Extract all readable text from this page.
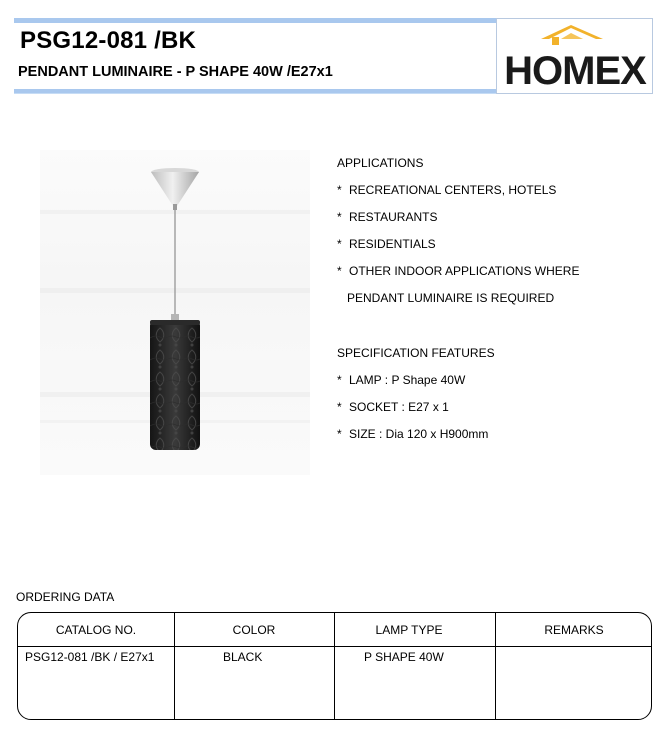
PSG12-081 /BK
PENDANT LUMINAIRE - P SHAPE 40W /E27x1	HOMEX
APPLICATIONS
* RECREATIONAL CENTERS, HOTELS
* RESTAURANTS
* RESIDENTIALS
* OTHER INDOOR APPLICATIONS WHERE
PENDANT LUMINAIRE IS REQUIRED
SPECIFICATION FEATURES
* LAMP : P Shape 40W
* SOCKET : E27 x 1
* SIZE : Dia 120 x H900mm
ORDERING DATA
CATALOG NO.	COLOR	LAMP TYPE	REMARKS
PSG12-081 /BK / E27x1	BLACK	P SHAPE 40W
